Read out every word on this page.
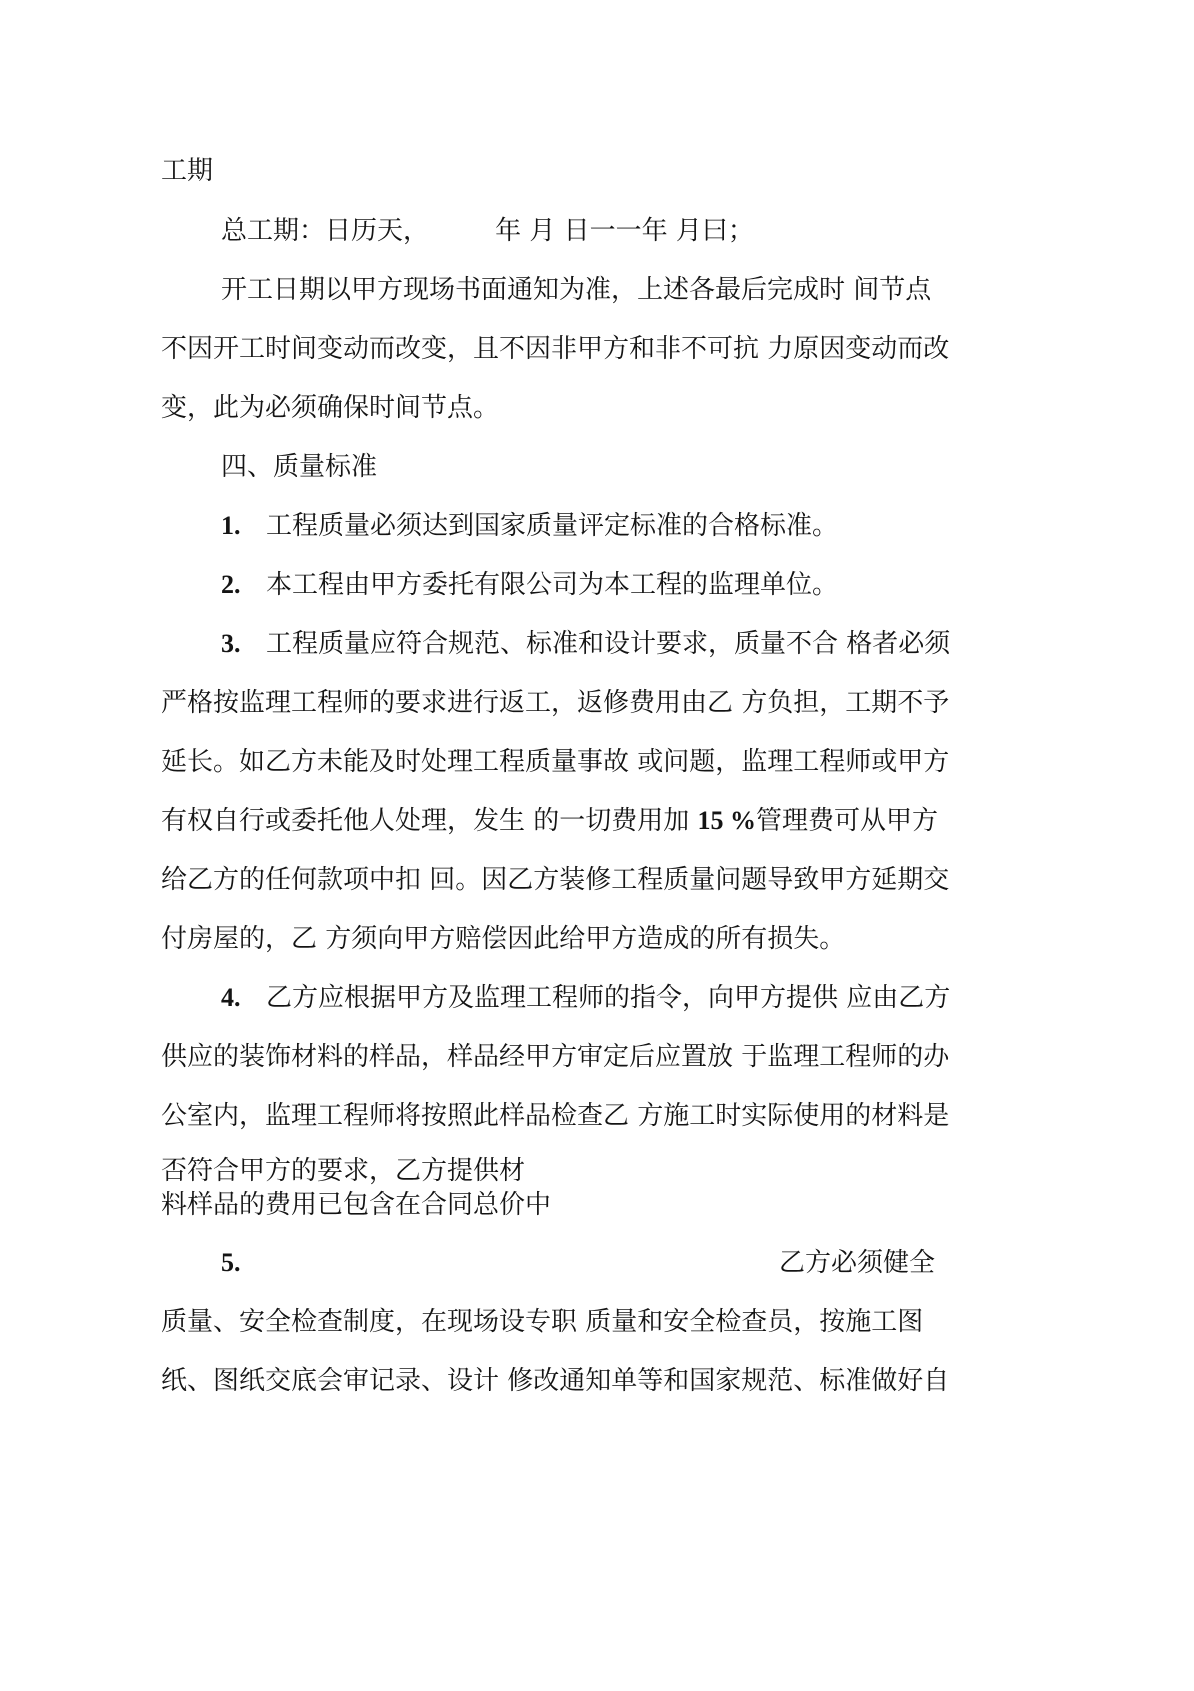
工期
总工期：日历天，        年 月 日一一年 月曰；
开工日期以甲方现场书面通知为准，上述各最后完成时 间节点
不因开工时间变动而改变，且不因非甲方和非不可抗 力原因变动而改
变，此为必须确保时间节点。
四、质量标准
1. 工程质量必须达到国家质量评定标准的合格标准。
2. 本工程由甲方委托有限公司为本工程的监理单位。
3. 工程质量应符合规范、标准和设计要求，质量不合 格者必须
严格按监理工程师的要求进行返工，返修费用由乙 方负担，工期不予
延长。如乙方未能及时处理工程质量事故 或问题，监理工程师或甲方
有权自行或委托他人处理，发生 的一切费用加 15 %管理费可从甲方
给乙方的任何款项中扣 回。因乙方装修工程质量问题导致甲方延期交
付房屋的，乙 方须向甲方赔偿因此给甲方造成的所有损失。
4. 乙方应根据甲方及监理工程师的指令，向甲方提供 应由乙方
供应的装饰材料的样品，样品经甲方审定后应置放 于监理工程师的办
公室内，监理工程师将按照此样品检查乙 方施工时实际使用的材料是
否符合甲方的要求，乙方提供材
料样品的费用已包含在合同总价中
5.	乙方必须健全
质量、安全检查制度，在现场设专职 质量和安全检查员，按施工图
纸、图纸交底会审记录、设计 修改通知单等和国家规范、标准做好自
